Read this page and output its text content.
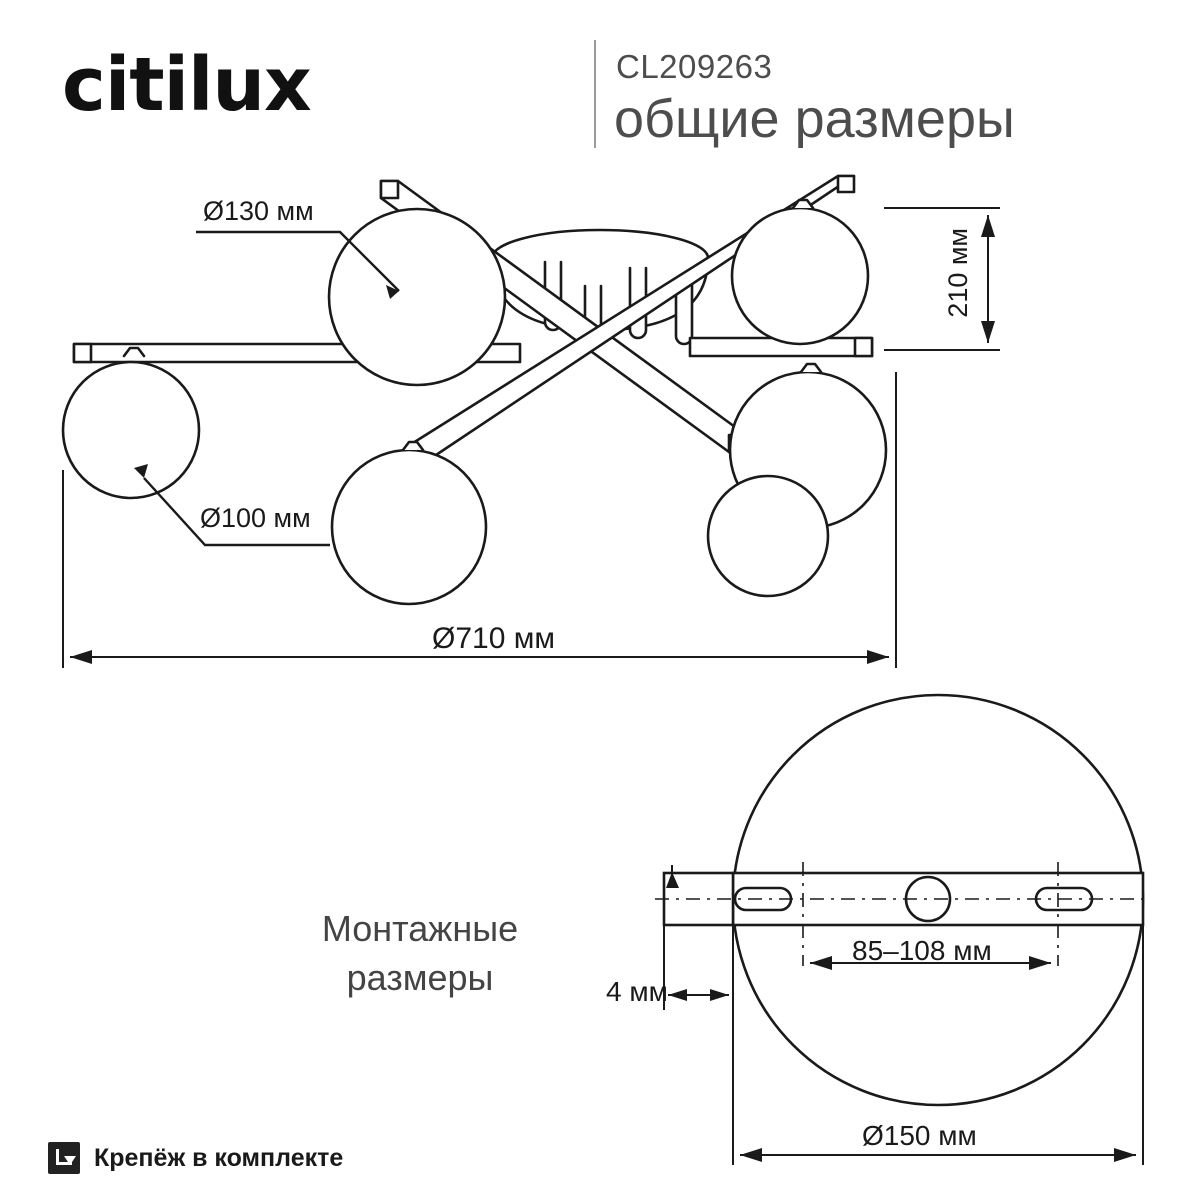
citilux	CL209263
общие размеры
Ø130 мм
Ø100 мм
Ø710 мм
210 мм
Монтажные
размеры
85–108 мм
4 мм
Ø150 мм
Крепёж в комплекте
